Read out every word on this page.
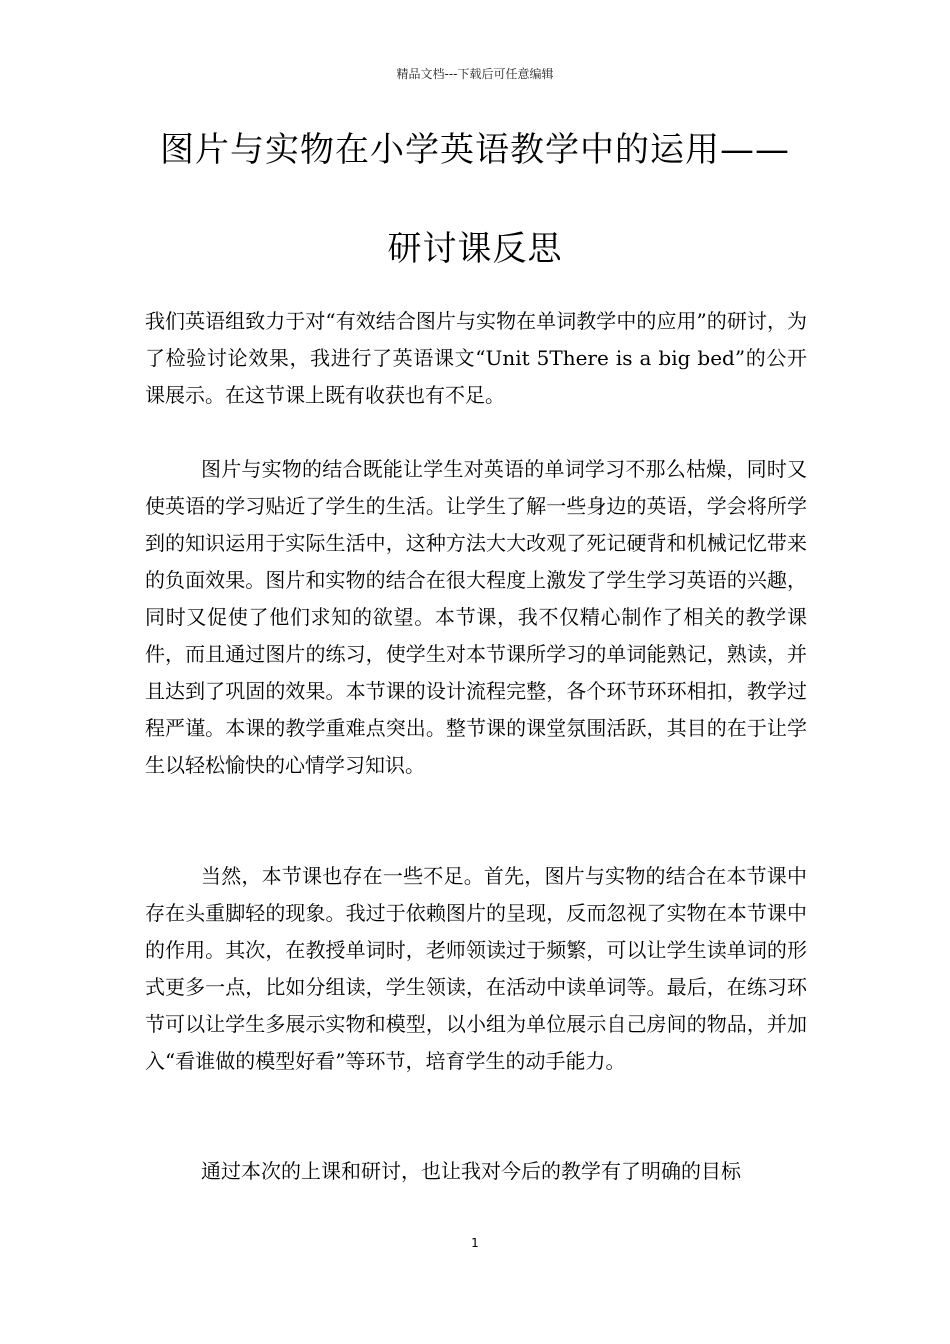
精品文档---下载后可任意编辑
图片与实物在小学英语教学中的运用——
研讨课反思

我们英语组致力于对“有效结合图片与实物在单词教学中的应用”的研讨，为了检验讨论效果，我进行了英语课文“Unit 5There is a big bed”的公开课展示。在这节课上既有收获也有不足。

图片与实物的结合既能让学生对英语的单词学习不那么枯燥，同时又使英语的学习贴近了学生的生活。让学生了解一些身边的英语，学会将所学到的知识运用于实际生活中，这种方法大大改观了死记硬背和机械记忆带来的负面效果。图片和实物的结合在很大程度上激发了学生学习英语的兴趣，同时又促使了他们求知的欲望。本节课，我不仅精心制作了相关的教学课件，而且通过图片的练习，使学生对本节课所学习的单词能熟记，熟读，并且达到了巩固的效果。本节课的设计流程完整，各个环节环环相扣，教学过程严谨。本课的教学重难点突出。整节课的课堂氛围活跃，其目的在于让学生以轻松愉快的心情学习知识。

当然，本节课也存在一些不足。首先，图片与实物的结合在本节课中存在头重脚轻的现象。我过于依赖图片的呈现，反而忽视了实物在本节课中的作用。其次，在教授单词时，老师领读过于频繁，可以让学生读单词的形式更多一点，比如分组读，学生领读，在活动中读单词等。最后，在练习环节可以让学生多展示实物和模型，以小组为单位展示自己房间的物品，并加入“看谁做的模型好看”等环节，培育学生的动手能力。

通过本次的上课和研讨，也让我对今后的教学有了明确的目标

1
